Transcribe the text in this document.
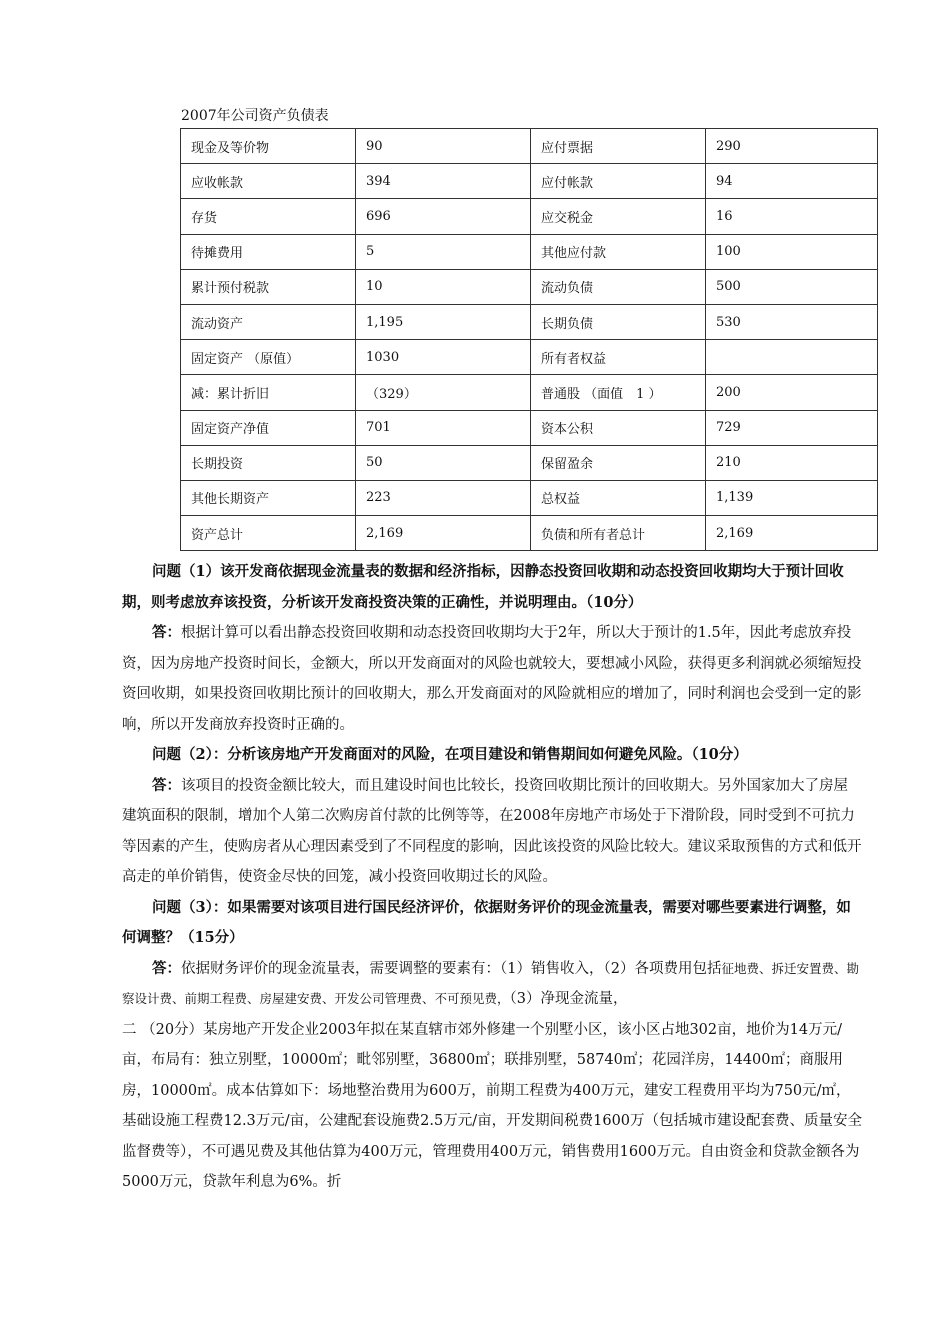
2007年公司资产负债表
现金及等价物	90	应付票据	290
应收帐款	394	应付帐款	94
存货	696	应交税金	16
待摊费用	5	其他应付款	100
累计预付税款	10	流动负债	500
流动资产	1,195	长期负债	530
固定资产 （原值）	1030	所有者权益	
减：累计折旧	（329）	普通股 （面值　1 ）	200
固定资产净值	701	资本公积	729
长期投资	50	保留盈余	210
其他长期资产	223	总权益	1,139
资产总计	2,169	负债和所有者总计	2,169

问题（1）该开发商依据现金流量表的数据和经济指标，因静态投资回收期和动态投资回收期均大于预计回收期，则考虑放弃该投资，分析该开发商投资决策的正确性，并说明理由。（10分）

答：根据计算可以看出静态投资回收期和动态投资回收期均大于2年，所以大于预计的1.5年，因此考虑放弃投资，因为房地产投资时间长，金额大，所以开发商面对的风险也就较大，要想减小风险，获得更多利润就必须缩短投资回收期，如果投资回收期比预计的回收期大，那么开发商面对的风险就相应的增加了，同时利润也会受到一定的影响，所以开发商放弃投资时正确的。

问题（2）：分析该房地产开发商面对的风险，在项目建设和销售期间如何避免风险。（10分）

答：该项目的投资金额比较大，而且建设时间也比较长，投资回收期比预计的回收期大。另外国家加大了房屋建筑面积的限制，增加个人第二次购房首付款的比例等等，在2008年房地产市场处于下滑阶段，同时受到不可抗力等因素的产生，使购房者从心理因素受到了不同程度的影响，因此该投资的风险比较大。建议采取预售的方式和低开高走的单价销售，使资金尽快的回笼，减小投资回收期过长的风险。

问题（3）：如果需要对该项目进行国民经济评价，依据财务评价的现金流量表，需要对哪些要素进行调整，如何调整？（15分）

答：依据财务评价的现金流量表，需要调整的要素有：（1）销售收入，（2）各项费用包括征地费、拆迁安置费、勘察设计费、前期工程费、房屋建安费、开发公司管理费、不可预见费，（3）净现金流量，

二 （20分）某房地产开发企业2003年拟在某直辖市郊外修建一个别墅小区，该小区占地302亩，地价为14万元/亩，布局有：独立别墅，10000㎡；毗邻别墅，36800㎡；联排别墅，58740㎡；花园洋房，14400㎡；商服用房，10000㎡。成本估算如下：场地整治费用为600万，前期工程费为400万元，建安工程费用平均为750元/㎡，基础设施工程费12.3万元/亩，公建配套设施费2.5万元/亩，开发期间税费1600万（包括城市建设配套费、质量安全监督费等），不可遇见费及其他估算为400万元，管理费用400万元，销售费用1600万元。自由资金和贷款金额各为5000万元，贷款年利息为6%。折
